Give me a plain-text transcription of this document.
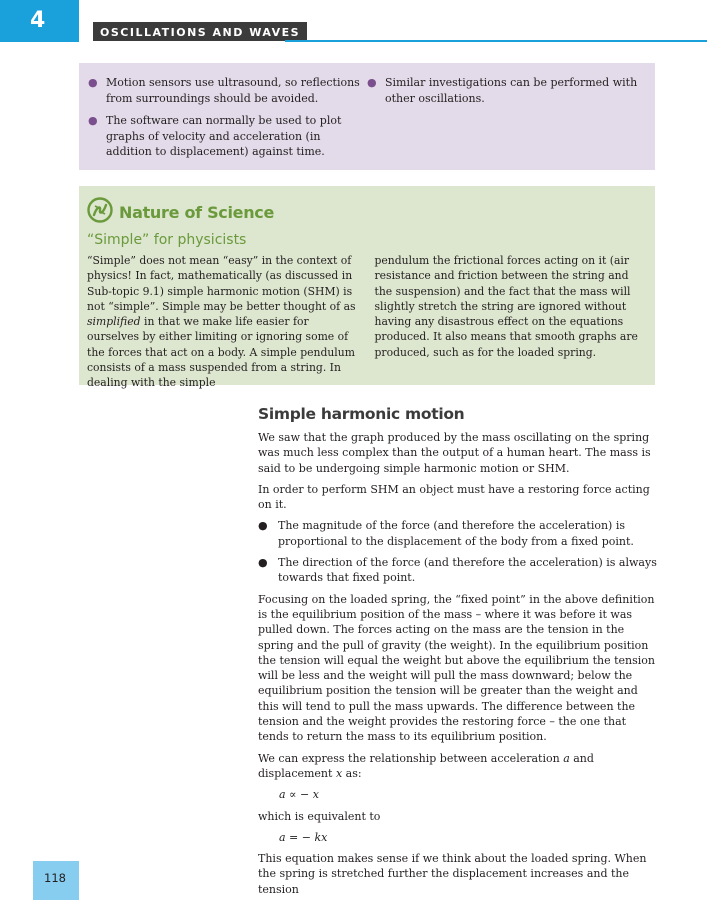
4	OSCILLATIONS AND WAVES
● Motion sensors use ultrasound, so reflections from surroundings should be avoided.
● The software can normally be used to plot graphs of velocity and acceleration (in addition to displacement) against time.
● Similar investigations can be performed with other oscillations.
Nature of Science
“Simple” for physicists
“Simple” does not mean “easy” in the context of physics! In fact, mathematically (as discussed in Sub-topic 9.1) simple harmonic motion (SHM) is not “simple”. Simple may be better thought of as simplified in that we make life easier for ourselves by either limiting or ignoring some of the forces that act on a body. A simple pendulum consists of a mass suspended from a string. In dealing with the simple
pendulum the frictional forces acting on it (air resistance and friction between the string and the suspension) and the fact that the mass will slightly stretch the string are ignored without having any disastrous effect on the equations produced. It also means that smooth graphs are produced, such as for the loaded spring.
Simple harmonic motion

We saw that the graph produced by the mass oscillating on the spring was much less complex than the output of a human heart. The mass is said to be undergoing simple harmonic motion or SHM.

In order to perform SHM an object must have a restoring force acting on it.

● The magnitude of the force (and therefore the acceleration) is proportional to the displacement of the body from a fixed point.
● The direction of the force (and therefore the acceleration) is always towards that fixed point.

Focusing on the loaded spring, the “fixed point” in the above definition is the equilibrium position of the mass – where it was before it was pulled down. The forces acting on the mass are the tension in the spring and the pull of gravity (the weight). In the equilibrium position the tension will equal the weight but above the equilibrium the tension will be less and the weight will pull the mass downward; below the equilibrium position the tension will be greater than the weight and this will tend to pull the mass upwards. The difference between the tension and the weight provides the restoring force – the one that tends to return the mass to its equilibrium position.

We can express the relationship between acceleration a and displacement x as:

a ∝ − x

which is equivalent to

a = − kx

This equation makes sense if we think about the loaded spring. When the spring is stretched further the displacement increases and the tension

118
